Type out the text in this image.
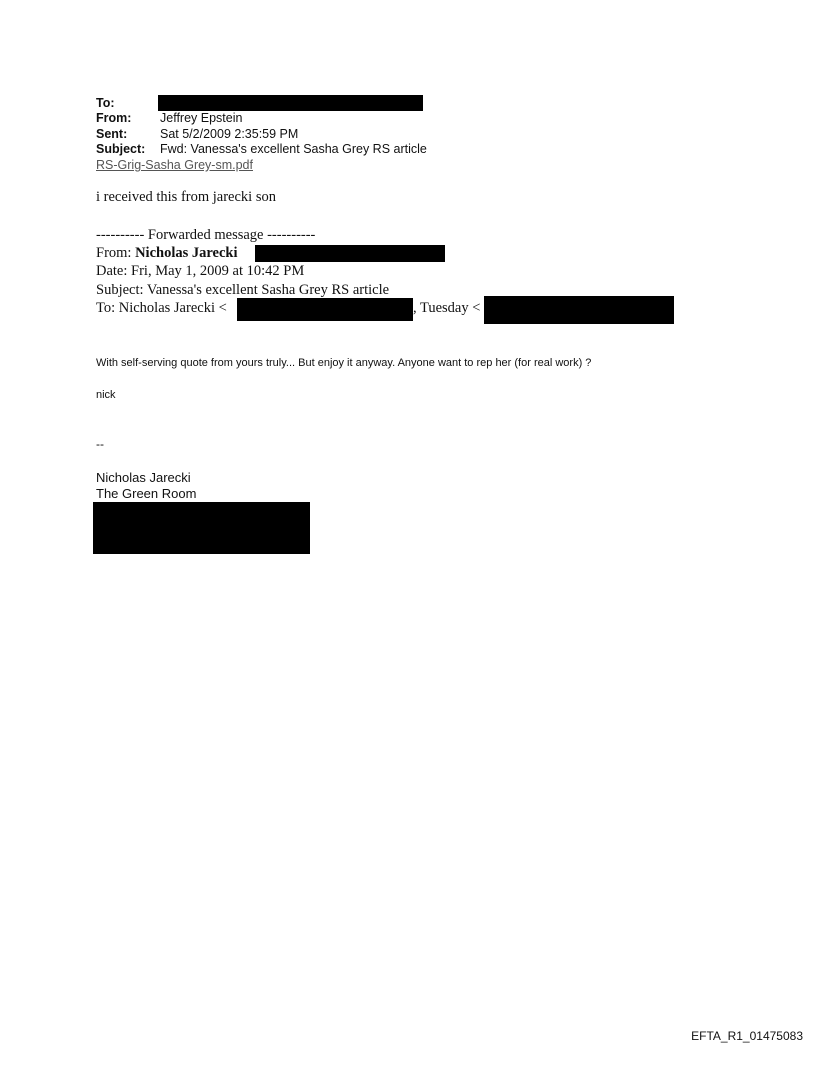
To:
From: Jeffrey Epstein
Sent:	Sat 5/2/2009 2:35:59 PM
Subject: Fwd: Vanessa's excellent Sasha Grey RS article
RS-Grig-Sasha Grey-sm.pdf
i received this from jarecki son
---------- Forwarded message ----------
From: Nicholas Jarecki
Date: Fri, May 1, 2009 at 10:42 PM
Subject: Vanessa's excellent Sasha Grey RS article
To: Nicholas Jarecki <	, Tuesday <
With self-serving quote from yours truly... But enjoy it anyway. Anyone want to rep her (for real work) ?
nick
--
Nicholas Jarecki
The Green Room
EFTA_R1_01475083
